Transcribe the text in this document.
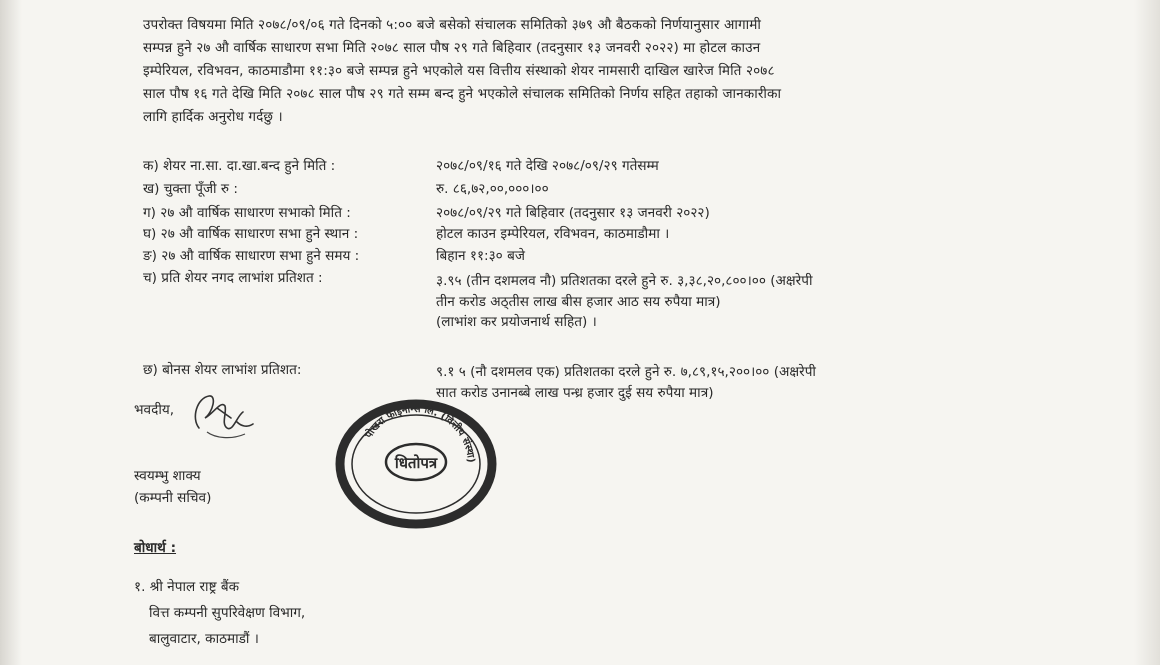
उपरोक्त विषयमा मिति २०७८/०९/०६ गते दिनको ५:०० बजे बसेको संचालक समितिको ३७९ औ बैठकको निर्णयानुसार आगामी
सम्पन्न हुने २७ औ वार्षिक साधारण सभा मिति २०७८ साल पौष २९ गते बिहिवार (तदनुसार १३ जनवरी २०२२) मा होटल काउन
इम्पेरियल, रविभवन, काठमाडौमा ११:३० बजे सम्पन्न हुने भएकोले यस वित्तीय संस्थाको शेयर नामसारी दाखिल खारेज मिति २०७८
साल पौष १६ गते देखि मिति २०७८ साल पौष २९ गते सम्म बन्द हुने भएकोले संचालक समितिको निर्णय सहित तहाको जानकारीका
लागि हार्दिक अनुरोध गर्दछु ।
क) शेयर ना.सा. दा.खा.बन्द हुने मिति :	२०७८/०९/१६ गते देखि २०७८/०९/२९ गतेसम्म
ख) चुक्ता पूँजी रु :	रु. ८६,७२,००,०००।००
ग) २७ औ वार्षिक साधारण सभाको मिति :	२०७८/०९/२९ गते बिहिवार (तदनुसार १३ जनवरी २०२२)
घ) २७ औ वार्षिक साधारण सभा हुने स्थान :	होटल काउन इम्पेरियल, रविभवन, काठमाडौमा ।
ङ) २७ औ वार्षिक साधारण सभा हुने समय :	बिहान ११:३० बजे
च) प्रति शेयर नगद लाभांश प्रतिशत :	३.९५ (तीन दशमलव नौ) प्रतिशतका दरले हुने रु. ३,३८,२०,८००।०० (अक्षरेपी
तीन करोड अठ्तीस लाख बीस हजार आठ सय रुपैया मात्र)
(लाभांश कर प्रयोजनार्थ सहित) ।
छ) बोनस शेयर लाभांश प्रतिशत:	९.१ ५ (नौ दशमलव एक) प्रतिशतका दरले हुने रु. ७,८९,१५,२००।०० (अक्षरेपी
सात करोड उनानब्बे लाख पन्ध्र हजार दुई सय रुपैया मात्र)
भवदीय,
स्वयम्भु शाक्य
(कम्पनी सचिव)
पोखरा फाइनान्स लि. (वित्तीय संस्था)
धितोपत्र
बोधार्थ :
१. श्री नेपाल राष्ट्र बैंक
वित्त कम्पनी सुपरिवेक्षण विभाग,
बालुवाटार, काठमाडौं ।
